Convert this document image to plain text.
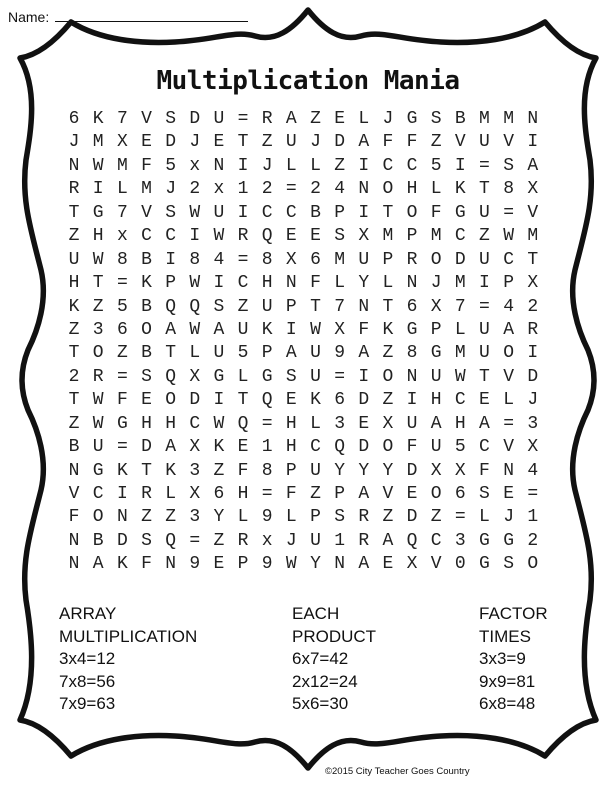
Name:
Multiplication Mania
6 K 7 V S D U = R A Z E L J G S B M M N
J M X E D J E T Z U J D A F F Z V U V I
N W M F 5 x N I J L L Z I C C 5 I = S A
R I L M J 2 x 1 2 = 2 4 N O H L K T 8 X
T G 7 V S W U I C C B P I T O F G U = V
Z H x C C I W R Q E E S X M P M C Z W M
U W 8 B I 8 4 = 8 X 6 M U P R O D U C T
H T = K P W I C H N F L Y L N J M I P X
K Z 5 B Q Q S Z U P T 7 N T 6 X 7 = 4 2
Z 3 6 O A W A U K I W X F K G P L U A R
T O Z B T L U 5 P A U 9 A Z 8 G M U O I
2 R = S Q X G L G S U = I O N U W T V D
T W F E O D I T Q E K 6 D Z I H C E L J
Z W G H H C W Q = H L 3 E X U A H A = 3
B U = D A X K E 1 H C Q D O F U 5 C V X
N G K T K 3 Z F 8 P U Y Y Y D X X F N 4
V C I R L X 6 H = F Z P A V E O 6 S E =
F O N Z Z 3 Y L 9 L P S R Z D Z = L J 1
N B D S Q = Z R x J U 1 R A Q C 3 G G 2
N A K F N 9 E P 9 W Y N A E X V 0 G S O
ARRAY
MULTIPLICATION
3x4=12
7x8=56
7x9=63
EACH
PRODUCT
6x7=42
2x12=24
5x6=30
FACTOR
TIMES
3x3=9
9x9=81
6x8=48
©2015 City Teacher Goes Country
